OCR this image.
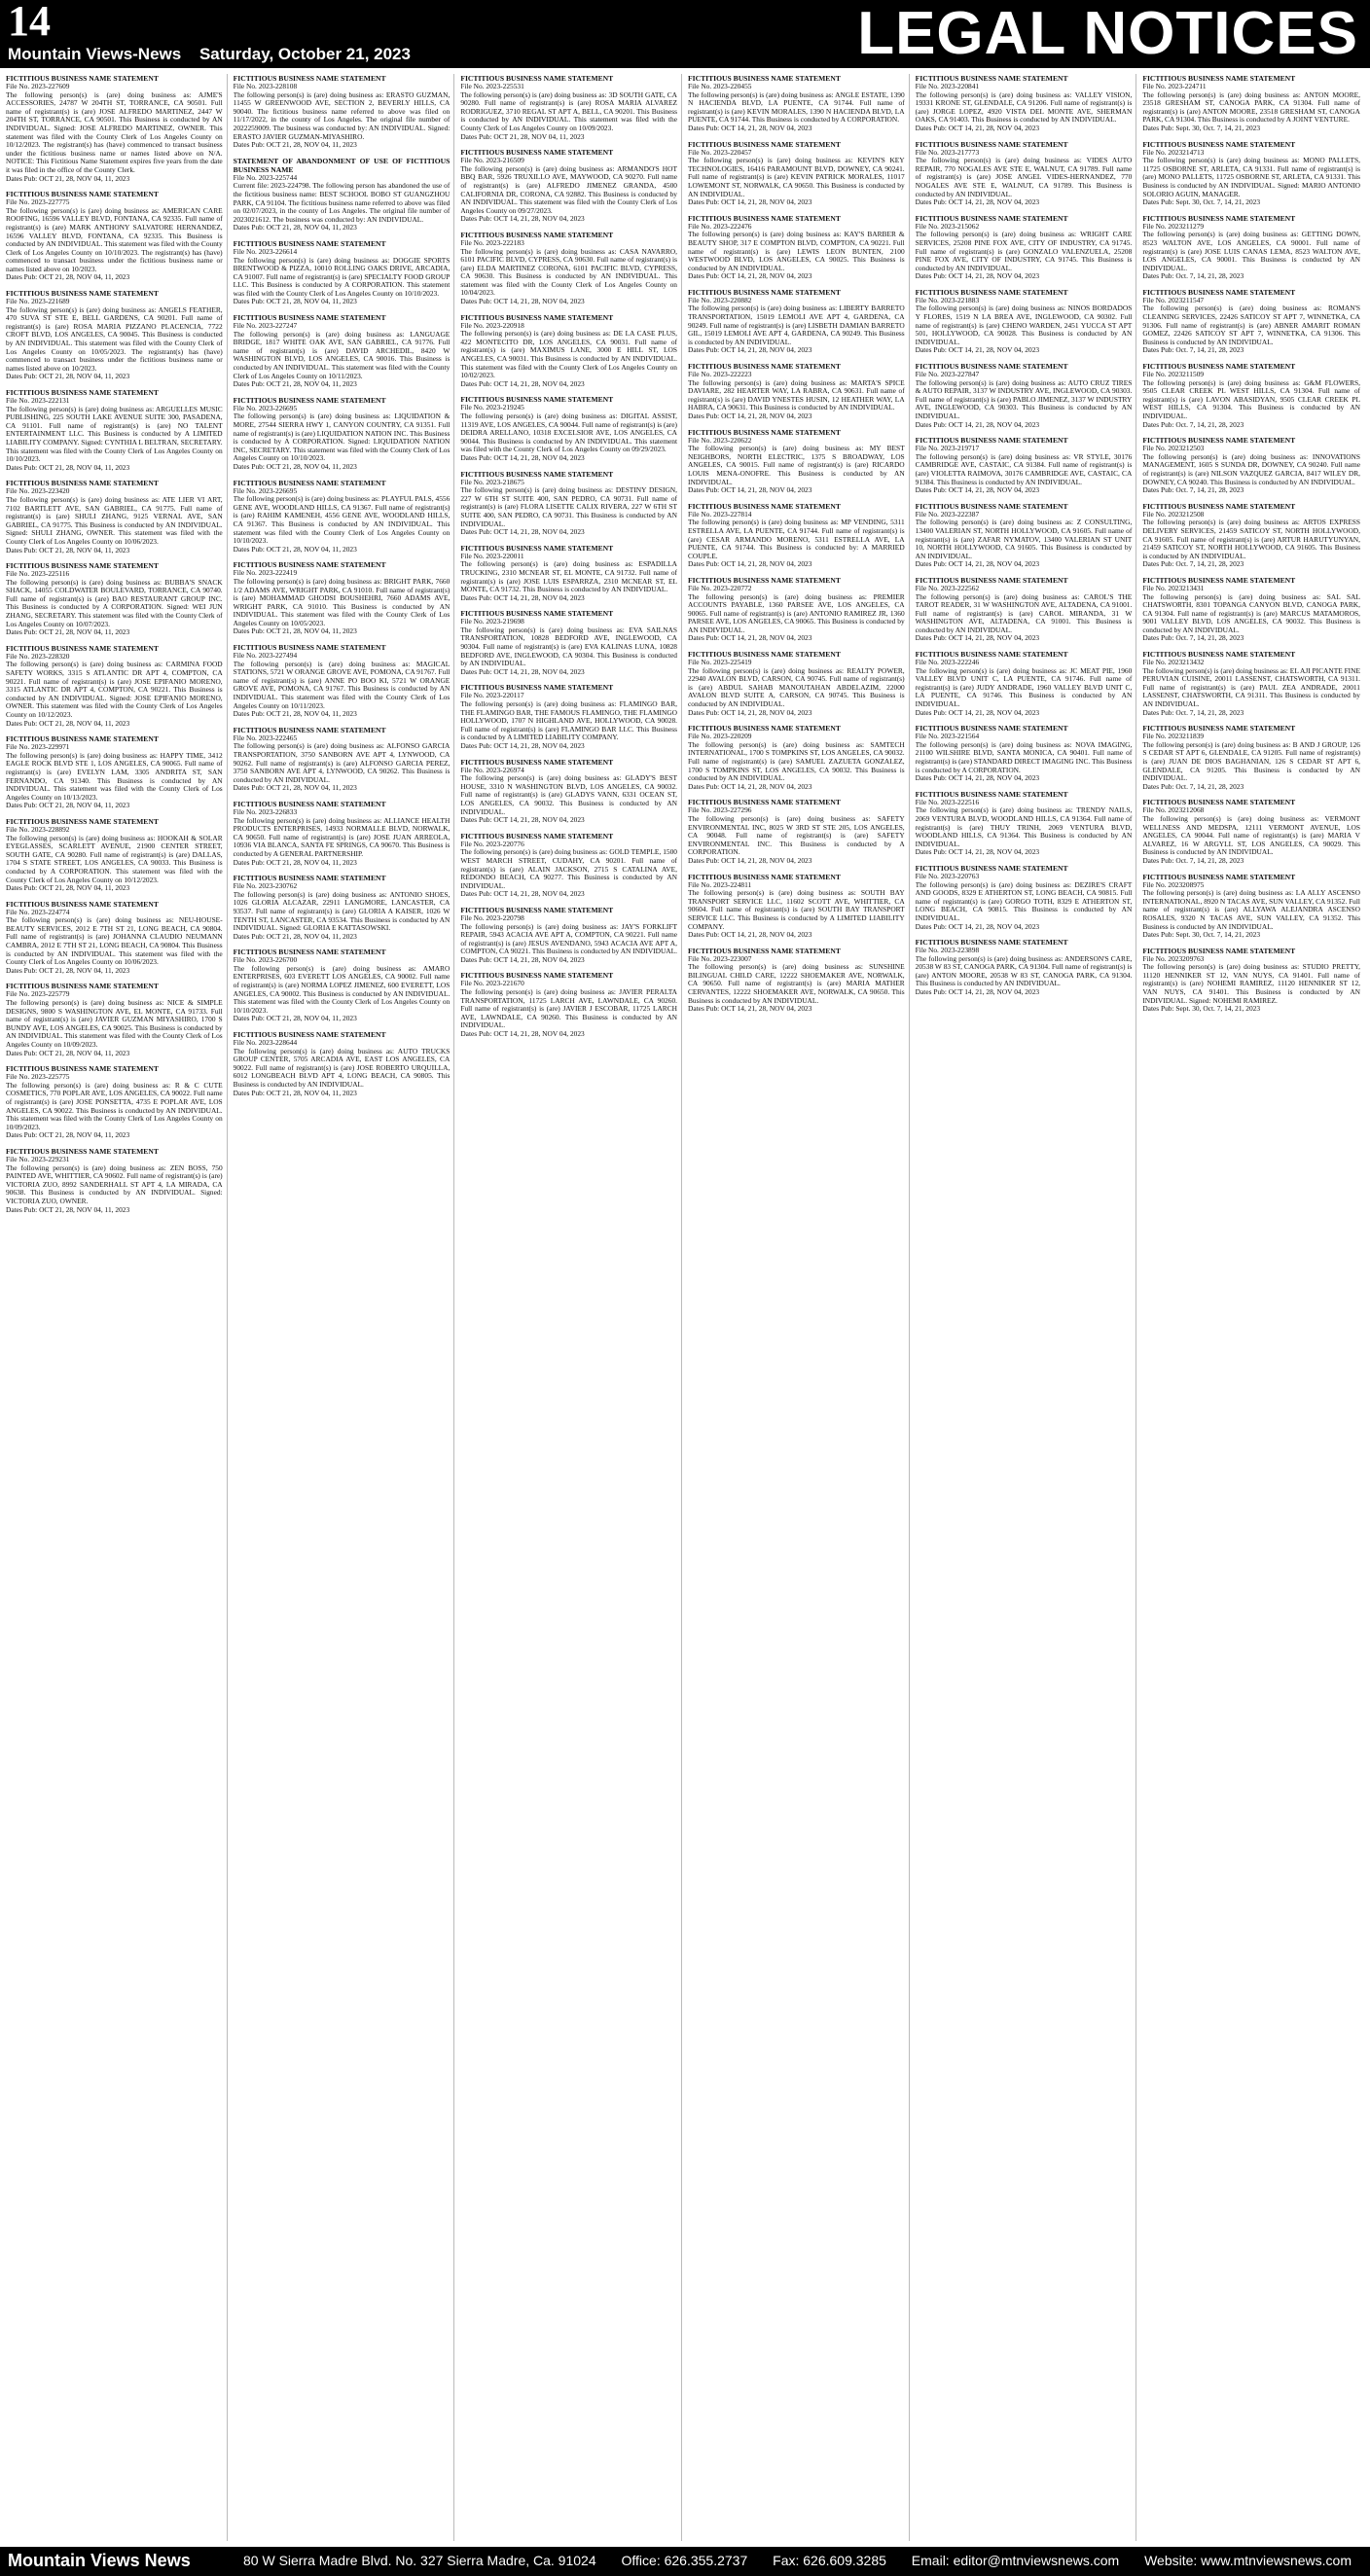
14
Mountain Views-News Saturday, October 21, 2023	LEGAL NOTICES
FICTITIOUS BUSINESS NAME STATEMENT
File No. 2023-227609
The following person(s) is (are) doing business as: AJME'S ACCESSORIES, 24787 W 204TH ST, TORRANCE, CA 90501. Full name of registrant(s) is (are) JOSE ALFREDO MARTINEZ, 2447 W 204TH ST, TORRANCE, CA 90501. This Business is conducted by AN INDIVIDUAL. Signed: JOSE ALFREDO MARTINEZ, OWNER. This statement was filed with the County Clerk of Los Angeles County on 10/12/2023. The registrant(s) has (have) commenced to transact business under the fictitious business name or names listed above on N/A. NOTICE: This Fictitious Name Statement expires five years from the date it was filed in the office of the County Clerk.
Dates Pub: OCT 21, 28, NOV 04, 11, 2023
FICTITIOUS BUSINESS NAME STATEMENT
File No. 2023-227775
The following person(s) is (are) doing business as: AMERICAN CARE ROOFING, 16596 VALLEY BLVD, FONTANA, CA 92335. Full name of registrant(s) is (are) MARK ANTHONY SALVATORE HERNANDEZ, 16596 VALLEY BLVD, FONTANA, CA 92335. This Business is conducted by AN INDIVIDUAL. This statement was filed with the County Clerk of Los Angeles County on 10/10/2023. The registrant(s) has (have) commenced to transact business under the fictitious business name or names listed above on 10/2023.
Dates Pub: OCT 21, 28, NOV 04, 11, 2023
FICTITIOUS BUSINESS NAME STATEMENT
File No. 2023-221689
The following person(s) is (are) doing business as: ANGELS FEATHER, 470 SUVA ST STE E, BELL GARDENS, CA 90201. Full name of registrant(s) is (are) ROSA MARIA PIZZANO PLACENCIA, 7722 CROFT BLVD, LOS ANGELES, CA 90045. This Business is conducted by AN INDIVIDUAL. This statement was filed with the County Clerk of Los Angeles County on 10/05/2023. The registrant(s) has (have) commenced to transact business under the fictitious business name or names listed above on 10/2023.
Dates Pub: OCT 21, 28, NOV 04, 11, 2023
FICTITIOUS BUSINESS NAME STATEMENT
File No. 2023-222131
The following person(s) is (are) doing business as: ARGUELLES MUSIC PUBLISHING, 225 SOUTH LAKE AVENUE SUITE 300, PASADENA, CA 91101. Full name of registrant(s) is (are) NO TALENT ENTERTAINMENT LLC. This Business is conducted by A LIMITED LIABILITY COMPANY. Signed: CYNTHIA L BELTRAN, SECRETARY. This statement was filed with the County Clerk of Los Angeles County on 10/10/2023.
Dates Pub: OCT 21, 28, NOV 04, 11, 2023
FICTITIOUS BUSINESS NAME STATEMENT
File No. 2023-223420
The following person(s) is (are) doing business as: ATE LIER VI ART, 7102 BARTLETT AVE, SAN GABRIEL, CA 91775. Full name of registrant(s) is (are) SHULI ZHANG, 9125 VERNAL AVE, SAN GABRIEL, CA 91775. This Business is conducted by AN INDIVIDUAL. Signed: SHULI ZHANG, OWNER. This statement was filed with the County Clerk of Los Angeles County on 10/06/2023.
Dates Pub: OCT 21, 28, NOV 04, 11, 2023
FICTITIOUS BUSINESS NAME STATEMENT
File No. 2023-225116
The following person(s) is (are) doing business as: BUBBA'S SNACK SHACK, 14055 COLDWATER BOULEVARD, TORRANCE, CA 90740. Full name of registrant(s) is (are) BAO RESTAURANT GROUP INC. This Business is conducted by A CORPORATION. Signed: WEI JUN ZHANG, SECRETARY. This statement was filed with the County Clerk of Los Angeles County on 10/07/2023.
Dates Pub: OCT 21, 28, NOV 04, 11, 2023
FICTITIOUS BUSINESS NAME STATEMENT
File No. 2023-228320
The following person(s) is (are) doing business as: CARMINA FOOD SAFETY WORKS, 3315 S ATLANTIC DR APT 4, COMPTON, CA 90221. Full name of registrant(s) is (are) JOSE EPIFANIO MORENO, 3315 ATLANTIC DR APT 4, COMPTON, CA 90221. This Business is conducted by AN INDIVIDUAL. Signed: JOSE EPIFANIO MORENO, OWNER. This statement was filed with the County Clerk of Los Angeles County on 10/12/2023.
Dates Pub: OCT 21, 28, NOV 04, 11, 2023
FICTITIOUS BUSINESS NAME STATEMENT
File No. 2023-229971
The following person(s) is (are) doing business as: HAPPY TIME, 3412 EAGLE ROCK BLVD STE 1, LOS ANGELES, CA 90065. Full name of registrant(s) is (are) EVELYN LAM, 3305 ANDRITA ST, SAN FERNANDO, CA 91340. This Business is conducted by AN INDIVIDUAL. This statement was filed with the County Clerk of Los Angeles County on 10/13/2023.
Dates Pub: OCT 21, 28, NOV 04, 11, 2023
FICTITIOUS BUSINESS NAME STATEMENT
File No. 2023-228892
The following person(s) is (are) doing business as: HOOKAH & SOLAR EYEGLASSES, SCARLETT AVENUE, 21900 CENTER STREET, SOUTH GATE, CA 90280. Full name of registrant(s) is (are) DALLAS, 1704 S STATE STREET, LOS ANGELES, CA 90033. This Business is conducted by A CORPORATION. This statement was filed with the County Clerk of Los Angeles County on 10/12/2023.
Dates Pub: OCT 21, 28, NOV 04, 11, 2023
FICTITIOUS BUSINESS NAME STATEMENT
File No. 2023-224774
The following person(s) is (are) doing business as: NEU-HOUSE-BEAUTY SERVICES, 2012 E 7TH ST 21, LONG BEACH, CA 90804. Full name of registrant(s) is (are) JOHANNA CLAUDIO NEUMANN CAMBRA, 2012 E 7TH ST 21, LONG BEACH, CA 90804. This Business is conducted by AN INDIVIDUAL. This statement was filed with the County Clerk of Los Angeles County on 10/06/2023.
Dates Pub: OCT 21, 28, NOV 04, 11, 2023
FICTITIOUS BUSINESS NAME STATEMENT
File No. 2023-225779
The following person(s) is (are) doing business as: NICE & SIMPLE DESIGNS, 9800 S WASHINGTON AVE, EL MONTE, CA 91733. Full name of registrant(s) is (are) JAVIER GUZMAN MIYASHIRO, 1700 S BUNDY AVE, LOS ANGELES, CA 90025. This Business is conducted by AN INDIVIDUAL. This statement was filed with the County Clerk of Los Angeles County on 10/09/2023.
Dates Pub: OCT 21, 28, NOV 04, 11, 2023
FICTITIOUS BUSINESS NAME STATEMENT
File No. 2023-225775
The following person(s) is (are) doing business as: R & C CUTE COSMETICS, 770 POPLAR AVE, LOS ANGELES, CA 90022. Full name of registrant(s) is (are) JOSE PONSETTA, 4735 E POPLAR AVE, LOS ANGELES, CA 90022. This Business is conducted by AN INDIVIDUAL. This statement was filed with the County Clerk of Los Angeles County on 10/09/2023.
Dates Pub: OCT 21, 28, NOV 04, 11, 2023
FICTITIOUS BUSINESS NAME STATEMENT
File No. 2023-229231
The following person(s) is (are) doing business as: ZEN BOSS, 750 PAINTED AVE, WHITTIER, CA 90602. Full name of registrant(s) is (are) VICTORIA ZUO, 8992 SANDERHALL ST APT 4, LA MIRADA, CA 90638. This Business is conducted by AN INDIVIDUAL. Signed: VICTORIA ZUO, OWNER.
Dates Pub: OCT 21, 28, NOV 04, 11, 2023
FICTITIOUS BUSINESS NAME STATEMENT
File No. 2023-228108
The following person(s) is (are) doing business as: ERASTO GUZMAN, 11455 W GREENWOOD AVE, SECTION 2, BEVERLY HILLS, CA 90040. The fictitious business name referred to above was filed on 11/17/2022, in the county of Los Angeles. The original file number of 2022259009. The business was conducted by: AN INDIVIDUAL. Signed: ERASTO JAVIER GUZMAN-MIYASHIRO.
Dates Pub: OCT 21, 28, NOV 04, 11, 2023
STATEMENT OF ABANDONMENT OF USE OF FICTITIOUS BUSINESS NAME
File No. 2023-225744
Current file: 2023-224798. The following person has abandoned the use of the fictitious business name: BEST SCHOOL BOBO ST GUANGZHOU PARK, CA 91104. The fictitious business name referred to above was filed on 02/07/2023, in the county of Los Angeles. The original file number of 2023021612. The business was conducted by: AN INDIVIDUAL.
Dates Pub: OCT 21, 28, NOV 04, 11, 2023
FICTITIOUS BUSINESS NAME STATEMENT
File No. 2023-226614
The following person(s) is (are) doing business as: DOGGIE SPORTS BRENTWOOD & PIZZA, 10010 ROLLING OAKS DRIVE, ARCADIA, CA 91007. Full name of registrant(s) is (are) SPECIALTY FOOD GROUP LLC. This Business is conducted by A CORPORATION. This statement was filed with the County Clerk of Los Angeles County on 10/10/2023.
Dates Pub: OCT 21, 28, NOV 04, 11, 2023
FICTITIOUS BUSINESS NAME STATEMENT
File No. 2023-227247
The following person(s) is (are) doing business as: LANGUAGE BRIDGE, 1817 WHITE OAK AVE, SAN GABRIEL, CA 91776. Full name of registrant(s) is (are) DAVID ARCHEDIL, 8420 W WASHINGTON BLVD, LOS ANGELES, CA 90016. This Business is conducted by AN INDIVIDUAL. This statement was filed with the County Clerk of Los Angeles County on 10/11/2023.
Dates Pub: OCT 21, 28, NOV 04, 11, 2023
FICTITIOUS BUSINESS NAME STATEMENT
File No. 2023-226695
The following person(s) is (are) doing business as: LIQUIDATION & MORE, 27544 SIERRA HWY 1, CANYON COUNTRY, CA 91351. Full name of registrant(s) is (are) LIQUIDATION NATION INC. This Business is conducted by A CORPORATION. Signed: LIQUIDATION NATION INC, SECRETARY. This statement was filed with the County Clerk of Los Angeles County on 10/10/2023.
Dates Pub: OCT 21, 28, NOV 04, 11, 2023
FICTITIOUS BUSINESS NAME STATEMENT
File No. 2023-226695
The following person(s) is (are) doing business as: PLAYFUL PALS, 4556 GENE AVE, WOODLAND HILLS, CA 91367. Full name of registrant(s) is (are) RAHIM KAMENEH, 4556 GENE AVE, WOODLAND HILLS, CA 91367. This Business is conducted by AN INDIVIDUAL. This statement was filed with the County Clerk of Los Angeles County on 10/10/2023.
Dates Pub: OCT 21, 28, NOV 04, 11, 2023
FICTITIOUS BUSINESS NAME STATEMENT
File No. 2023-222419
The following person(s) is (are) doing business as: BRIGHT PARK, 7660 1/2 ADAMS AVE, WRIGHT PARK, CA 91010. Full name of registrant(s) is (are) MOHAMMAD GHODSI BOUSHEHRI, 7660 ADAMS AVE, WRIGHT PARK, CA 91010. This Business is conducted by AN INDIVIDUAL. This statement was filed with the County Clerk of Los Angeles County on 10/05/2023.
Dates Pub: OCT 21, 28, NOV 04, 11, 2023
FICTITIOUS BUSINESS NAME STATEMENT
File No. 2023-227494
The following person(s) is (are) doing business as: MAGICAL STATIONS, 5721 W ORANGE GROVE AVE, POMONA, CA 91767. Full name of registrant(s) is (are) ANNE PO BOO KI, 5721 W ORANGE GROVE AVE, POMONA, CA 91767. This Business is conducted by AN INDIVIDUAL. This statement was filed with the County Clerk of Los Angeles County on 10/11/2023.
Dates Pub: OCT 21, 28, NOV 04, 11, 2023
FICTITIOUS BUSINESS NAME STATEMENT
File No. 2023-222465
The following person(s) is (are) doing business as: ALFONSO GARCIA TRANSPORTATION, 3750 SANBORN AVE APT 4, LYNWOOD, CA 90262. Full name of registrant(s) is (are) ALFONSO GARCIA PEREZ, 3750 SANBORN AVE APT 4, LYNWOOD, CA 90262. This Business is conducted by AN INDIVIDUAL.
Dates Pub: OCT 21, 28, NOV 04, 11, 2023
FICTITIOUS BUSINESS NAME STATEMENT
File No. 2023-226833
The following person(s) is (are) doing business as: ALLIANCE HEALTH PRODUCTS ENTERPRISES, 14933 NORMALLE BLVD, NORWALK, CA 90650. Full name of registrant(s) is (are) JOSE JUAN ARREOLA, 10936 VIA BLANCA, SANTA FE SPRINGS, CA 90670. This Business is conducted by A GENERAL PARTNERSHIP.
Dates Pub: OCT 21, 28, NOV 04, 11, 2023
FICTITIOUS BUSINESS NAME STATEMENT
File No. 2023-230762
The following person(s) is (are) doing business as: ANTONIO SHOES, 1026 GLORIA ALCAZAR, 22911 LANGMORE, LANCASTER, CA 93537. Full name of registrant(s) is (are) GLORIA A KAISER, 1026 W TENTH ST, LANCASTER, CA 93534. This Business is conducted by AN INDIVIDUAL. Signed: GLORIA E KATTASOWSKI.
Dates Pub: OCT 21, 28, NOV 04, 11, 2023
FICTITIOUS BUSINESS NAME STATEMENT
File No. 2023-226700
The following person(s) is (are) doing business as: AMARO ENTERPRISES, 603 EVERETT LOS ANGELES, CA 90002. Full name of registrant(s) is (are) NORMA LOPEZ JIMENEZ, 600 EVERETT, LOS ANGELES, CA 90002. This Business is conducted by AN INDIVIDUAL. This statement was filed with the County Clerk of Los Angeles County on 10/10/2023.
Dates Pub: OCT 21, 28, NOV 04, 11, 2023
FICTITIOUS BUSINESS NAME STATEMENT
File No. 2023-228644
The following person(s) is (are) doing business as: AUTO TRUCKS GROUP CENTER, 5705 ARCADIA AVE, EAST LOS ANGELES, CA 90022. Full name of registrant(s) is (are) JOSE ROBERTO URQUILLA, 6012 LONGBEACH BLVD APT 4, LONG BEACH, CA 90805. This Business is conducted by AN INDIVIDUAL.
Dates Pub: OCT 21, 28, NOV 04, 11, 2023
FICTITIOUS BUSINESS NAME STATEMENT
File No. 2023-225531
The following person(s) is (are) doing business as: 3D SOUTH GATE, CA 90280. Full name of registrant(s) is (are) ROSA MARIA ALVAREZ RODRIGUEZ, 3710 REGAL ST APT A, BELL, CA 90201. This Business is conducted by AN INDIVIDUAL. This statement was filed with the County Clerk of Los Angeles County on 10/09/2023.
Dates Pub: OCT 21, 28, NOV 04, 11, 2023
FICTITIOUS BUSINESS NAME STATEMENT
File No. 2023-216509
The following person(s) is (are) doing business as: ARMANDO'S HOT BBQ BAR, 5926 TRUXILLO AVE, MAYWOOD, CA 90270. Full name of registrant(s) is (are) ALFREDO JIMENEZ GRANDA, 4500 CALIFORNIA DR, CORONA, CA 92882. This Business is conducted by AN INDIVIDUAL. This statement was filed with the County Clerk of Los Angeles County on 09/27/2023.
Dates Pub: OCT 14, 21, 28, NOV 04, 2023
FICTITIOUS BUSINESS NAME STATEMENT
File No. 2023-222183
The following person(s) is (are) doing business as: CASA NAVARRO, 6101 PACIFIC BLVD, CYPRESS, CA 90630. Full name of registrant(s) is (are) ELDA MARTINEZ CORONA, 6101 PACIFIC BLVD, CYPRESS, CA 90630. This Business is conducted by AN INDIVIDUAL. This statement was filed with the County Clerk of Los Angeles County on 10/04/2023.
Dates Pub: OCT 14, 21, 28, NOV 04, 2023
FICTITIOUS BUSINESS NAME STATEMENT
File No. 2023-220918
The following person(s) is (are) doing business as: DE LA CASE PLUS, 422 MONTECITO DR, LOS ANGELES, CA 90031. Full name of registrant(s) is (are) MAXIMUS LANE, 3000 E HILL ST, LOS ANGELES, CA 90031. This Business is conducted by AN INDIVIDUAL. This statement was filed with the County Clerk of Los Angeles County on 10/02/2023.
Dates Pub: OCT 14, 21, 28, NOV 04, 2023
FICTITIOUS BUSINESS NAME STATEMENT
File No. 2023-219245
The following person(s) is (are) doing business as: DIGITAL ASSIST, 11319 AVE, LOS ANGELES, CA 90044. Full name of registrant(s) is (are) DEIDRA ARELLANO, 10318 EXCELSIOR AVE, LOS ANGELES, CA 90044. This Business is conducted by AN INDIVIDUAL. This statement was filed with the County Clerk of Los Angeles County on 09/29/2023.
Dates Pub: OCT 14, 21, 28, NOV 04, 2023
FICTITIOUS BUSINESS NAME STATEMENT
File No. 2023-218675
The following person(s) is (are) doing business as: DESTINY DESIGN, 227 W 6TH ST SUITE 400, SAN PEDRO, CA 90731. Full name of registrant(s) is (are) FLORA LISETTE CALIX RIVERA, 227 W 6TH ST SUITE 400, SAN PEDRO, CA 90731. This Business is conducted by AN INDIVIDUAL.
Dates Pub: OCT 14, 21, 28, NOV 04, 2023
FICTITIOUS BUSINESS NAME STATEMENT
File No. 2023-220011
The following person(s) is (are) doing business as: ESPADILLA TRUCKING, 2310 MCNEAR ST, EL MONTE, CA 91732. Full name of registrant(s) is (are) JOSE LUIS ESPARRZA, 2310 MCNEAR ST, EL MONTE, CA 91732. This Business is conducted by AN INDIVIDUAL.
Dates Pub: OCT 14, 21, 28, NOV 04, 2023
FICTITIOUS BUSINESS NAME STATEMENT
File No. 2023-219698
The following person(s) is (are) doing business as: EVA SAILNAS TRANSPORTATION, 10828 BEDFORD AVE, INGLEWOOD, CA 90304. Full name of registrant(s) is (are) EVA KALINAS LUNA, 10828 BEDFORD AVE, INGLEWOOD, CA 90304. This Business is conducted by AN INDIVIDUAL.
Dates Pub: OCT 14, 21, 28, NOV 04, 2023
FICTITIOUS BUSINESS NAME STATEMENT
File No. 2023-220117
The following person(s) is (are) doing business as: FLAMINGO BAR, THE FLAMINGO BAR, THE FAMOUS FLAMINGO, THE FLAMINGO HOLLYWOOD, 1707 N HIGHLAND AVE, HOLLYWOOD, CA 90028. Full name of registrant(s) is (are) FLAMINGO BAR LLC. This Business is conducted by A LIMITED LIABILITY COMPANY.
Dates Pub: OCT 14, 21, 28, NOV 04, 2023
FICTITIOUS BUSINESS NAME STATEMENT
File No. 2023-226974
The following person(s) is (are) doing business as: GLADY'S BEST HOUSE, 3310 N WASHINGTON BLVD, LOS ANGELES, CA 90032. Full name of registrant(s) is (are) GLADYS VANN, 6331 OCEAN ST, LOS ANGELES, CA 90032. This Business is conducted by AN INDIVIDUAL.
Dates Pub: OCT 14, 21, 28, NOV 04, 2023
FICTITIOUS BUSINESS NAME STATEMENT
File No. 2023-220776
The following person(s) is (are) doing business as: GOLD TEMPLE, 1500 WEST MARCH STREET, CUDAHY, CA 90201. Full name of registrant(s) is (are) ALAIN JACKSON, 2715 S CATALINA AVE, REDONDO BEACH, CA 90277. This Business is conducted by AN INDIVIDUAL.
Dates Pub: OCT 14, 21, 28, NOV 04, 2023
FICTITIOUS BUSINESS NAME STATEMENT
File No. 2023-220798
The following person(s) is (are) doing business as: JAY'S FORKLIFT REPAIR, 5943 ACACIA AVE APT A, COMPTON, CA 90221. Full name of registrant(s) is (are) JESUS AVENDANO, 5943 ACACIA AVE APT A, COMPTON, CA 90221. This Business is conducted by AN INDIVIDUAL.
Dates Pub: OCT 14, 21, 28, NOV 04, 2023
FICTITIOUS BUSINESS NAME STATEMENT
File No. 2023-221670
The following person(s) is (are) doing business as: JAVIER PERALTA TRANSPORTATION, 11725 LARCH AVE, LAWNDALE, CA 90260. Full name of registrant(s) is (are) JAVIER J ESCOBAR, 11725 LARCH AVE, LAWNDALE, CA 90260. This Business is conducted by AN INDIVIDUAL.
Dates Pub: OCT 14, 21, 28, NOV 04, 2023
FICTITIOUS BUSINESS NAME STATEMENT
File No. 2023-220455
The following person(s) is (are) doing business as: ANGLE ESTATE, 1390 N HACIENDA BLVD, LA PUENTE, CA 91744. Full name of registrant(s) is (are) KEVIN MORALES, 1390 N HACIENDA BLVD, LA PUENTE, CA 91744. This Business is conducted by A CORPORATION.
Dates Pub: OCT 14, 21, 28, NOV 04, 2023
FICTITIOUS BUSINESS NAME STATEMENT
File No. 2023-220457
The following person(s) is (are) doing business as: KEVIN'S KEY TECHNOLOGIES, 16416 PARAMOUNT BLVD, DOWNEY, CA 90241. Full name of registrant(s) is (are) KEVIN PATRICK MORALES, 11017 LOWEMONT ST, NORWALK, CA 90650. This Business is conducted by AN INDIVIDUAL.
Dates Pub: OCT 14, 21, 28, NOV 04, 2023
FICTITIOUS BUSINESS NAME STATEMENT
File No. 2023-222476
The following person(s) is (are) doing business as: KAY'S BARBER & BEAUTY SHOP, 317 E COMPTON BLVD, COMPTON, CA 90221. Full name of registrant(s) is (are) LEWIS LEON BUNTEN, 2100 WESTWOOD BLVD, LOS ANGELES, CA 90025. This Business is conducted by AN INDIVIDUAL.
Dates Pub: OCT 14, 21, 28, NOV 04, 2023
FICTITIOUS BUSINESS NAME STATEMENT
File No. 2023-220882
The following person(s) is (are) doing business as: LIBERTY BARRETO TRANSPORTATION, 15019 LEMOLI AVE APT 4, GARDENA, CA 90249. Full name of registrant(s) is (are) LISBETH DAMIAN BARRETO GIL, 15019 LEMOLI AVE APT 4, GARDENA, CA 90249. This Business is conducted by AN INDIVIDUAL.
Dates Pub: OCT 14, 21, 28, NOV 04, 2023
FICTITIOUS BUSINESS NAME STATEMENT
File No. 2023-222223
The following person(s) is (are) doing business as: MARTA'S SPICE DAVIARE, 282 HEARTER WAY, LA RABRA, CA 90631. Full name of registrant(s) is (are) DAVID YNESTES HUSIN, 12 HEATHER WAY, LA HABRA, CA 90631. This Business is conducted by AN INDIVIDUAL.
Dates Pub: OCT 14, 21, 28, NOV 04, 2023
FICTITIOUS BUSINESS NAME STATEMENT
File No. 2023-220622
The following person(s) is (are) doing business as: MY BEST NEIGHBORS, NORTH ELECTRIC, 1375 S BROADWAY, LOS ANGELES, CA 90015. Full name of registrant(s) is (are) RICARDO LOUIS MENA-ONOFRE. This Business is conducted by AN INDIVIDUAL.
Dates Pub: OCT 14, 21, 28, NOV 04, 2023
FICTITIOUS BUSINESS NAME STATEMENT
File No. 2023-227814
The following person(s) is (are) doing business as: MP VENDING, 5311 ESTRELLA AVE, LA PUENTE, CA 91744. Full name of registrant(s) is (are) CESAR ARMANDO MORENO, 5311 ESTRELLA AVE, LA PUENTE, CA 91744. This Business is conducted by: A MARRIED COUPLE.
Dates Pub: OCT 14, 21, 28, NOV 04, 2023
FICTITIOUS BUSINESS NAME STATEMENT
File No. 2023-220772
The following person(s) is (are) doing business as: PREMIER ACCOUNTS PAYABLE, 1360 PARSEE AVE, LOS ANGELES, CA 90065. Full name of registrant(s) is (are) ANTONIO RAMIREZ JR, 1360 PARSEE AVE, LOS ANGELES, CA 90065. This Business is conducted by AN INDIVIDUAL.
Dates Pub: OCT 14, 21, 28, NOV 04, 2023
FICTITIOUS BUSINESS NAME STATEMENT
File No. 2023-225419
The following person(s) is (are) doing business as: REALTY POWER, 22940 AVALON BLVD, CARSON, CA 90745. Full name of registrant(s) is (are) ABDUL SAHAB MANOUTAHAN ABDELAZIM, 22000 AVALON BLVD SUITE A, CARSON, CA 90745. This Business is conducted by AN INDIVIDUAL.
Dates Pub: OCT 14, 21, 28, NOV 04, 2023
FICTITIOUS BUSINESS NAME STATEMENT
File No. 2023-220209
The following person(s) is (are) doing business as: SAMTECH INTERNATIONAL, 1700 S TOMPKINS ST, LOS ANGELES, CA 90032. Full name of registrant(s) is (are) SAMUEL ZAZUETA GONZALEZ, 1700 S TOMPKINS ST, LOS ANGELES, CA 90032. This Business is conducted by AN INDIVIDUAL.
Dates Pub: OCT 14, 21, 28, NOV 04, 2023
FICTITIOUS BUSINESS NAME STATEMENT
File No. 2023-227296
The following person(s) is (are) doing business as: SAFETY ENVIRONMENTAL INC, 8025 W 3RD ST STE 205, LOS ANGELES, CA 90048. Full name of registrant(s) is (are) SAFETY ENVIRONMENTAL INC. This Business is conducted by A CORPORATION.
Dates Pub: OCT 14, 21, 28, NOV 04, 2023
FICTITIOUS BUSINESS NAME STATEMENT
File No. 2023-224811
The following person(s) is (are) doing business as: SOUTH BAY TRANSPORT SERVICE LLC, 11602 SCOTT AVE, WHITTIER, CA 90604. Full name of registrant(s) is (are) SOUTH BAY TRANSPORT SERVICE LLC. This Business is conducted by A LIMITED LIABILITY COMPANY.
Dates Pub: OCT 14, 21, 28, NOV 04, 2023
FICTITIOUS BUSINESS NAME STATEMENT
File No. 2023-223007
The following person(s) is (are) doing business as: SUNSHINE BILINGUAL CHILD CARE, 12222 SHOEMAKER AVE, NORWALK, CA 90650. Full name of registrant(s) is (are) MARIA MATHER CERVANTES, 12222 SHOEMAKER AVE, NORWALK, CA 90650. This Business is conducted by AN INDIVIDUAL.
Dates Pub: OCT 14, 21, 28, NOV 04, 2023
FICTITIOUS BUSINESS NAME STATEMENT
File No. 2023-220841
The following person(s) is (are) doing business as: VALLEY VISION, 19331 KRONE ST, GLENDALE, CA 91206. Full name of registrant(s) is (are) JORGE LOPEZ, 4920 VISTA DEL MONTE AVE, SHERMAN OAKS, CA 91403. This Business is conducted by AN INDIVIDUAL.
Dates Pub: OCT 14, 21, 28, NOV 04, 2023
FICTITIOUS BUSINESS NAME STATEMENT
File No. 2023-217773
The following person(s) is (are) doing business as: VIDES AUTO REPAIR, 770 NOGALES AVE STE E, WALNUT, CA 91789. Full name of registrant(s) is (are) JOSE ANGEL VIDES-HERNANDEZ, 770 NOGALES AVE STE E, WALNUT, CA 91789. This Business is conducted by AN INDIVIDUAL.
Dates Pub: OCT 14, 21, 28, NOV 04, 2023
FICTITIOUS BUSINESS NAME STATEMENT
File No. 2023-215062
The following person(s) is (are) doing business as: WRIGHT CARE SERVICES, 25208 PINE FOX AVE, CITY OF INDUSTRY, CA 91745. Full name of registrant(s) is (are) GONZALO VALENZUELA, 25208 PINE FOX AVE, CITY OF INDUSTRY, CA 91745. This Business is conducted by AN INDIVIDUAL.
Dates Pub: OCT 14, 21, 28, NOV 04, 2023
FICTITIOUS BUSINESS NAME STATEMENT
File No. 2023-221883
The following person(s) is (are) doing business as: NINOS BORDADOS Y FLORES, 1519 N LA BREA AVE, INGLEWOOD, CA 90302. Full name of registrant(s) is (are) CHENO WARDEN, 2451 YUCCA ST APT 501, HOLLYWOOD, CA 90028. This Business is conducted by AN INDIVIDUAL.
Dates Pub: OCT 14, 21, 28, NOV 04, 2023
FICTITIOUS BUSINESS NAME STATEMENT
File No. 2023-227847
The following person(s) is (are) doing business as: AUTO CRUZ TIRES & AUTO REPAIR, 3137 W INDUSTRY AVE, INGLEWOOD, CA 90303. Full name of registrant(s) is (are) PABLO JIMENEZ, 3137 W INDUSTRY AVE, INGLEWOOD, CA 90303. This Business is conducted by AN INDIVIDUAL.
Dates Pub: OCT 14, 21, 28, NOV 04, 2023
FICTITIOUS BUSINESS NAME STATEMENT
File No. 2023-219717
The following person(s) is (are) doing business as: VR STYLE, 30176 CAMBRIDGE AVE, CASTAIC, CA 91384. Full name of registrant(s) is (are) VIOLETTA RAIMOVA, 30176 CAMBRIDGE AVE, CASTAIC, CA 91384. This Business is conducted by AN INDIVIDUAL.
Dates Pub: OCT 14, 21, 28, NOV 04, 2023
FICTITIOUS BUSINESS NAME STATEMENT
File No. 2023-222387
The following person(s) is (are) doing business as: Z CONSULTING, 13400 VALERIAN ST, NORTH HOLLYWOOD, CA 91605. Full name of registrant(s) is (are) ZAFAR NYMATOV, 13400 VALERIAN ST UNIT 10, NORTH HOLLYWOOD, CA 91605. This Business is conducted by AN INDIVIDUAL.
Dates Pub: OCT 14, 21, 28, NOV 04, 2023
FICTITIOUS BUSINESS NAME STATEMENT
File No. 2023-222562
The following person(s) is (are) doing business as: CAROL'S THE TAROT READER, 31 W WASHINGTON AVE, ALTADENA, CA 91001. Full name of registrant(s) is (are) CAROL MIRANDA, 31 W WASHINGTON AVE, ALTADENA, CA 91001. This Business is conducted by AN INDIVIDUAL.
Dates Pub: OCT 14, 21, 28, NOV 04, 2023
FICTITIOUS BUSINESS NAME STATEMENT
File No. 2023-222246
The following person(s) is (are) doing business as: JC MEAT PIE, 1960 VALLEY BLVD UNIT C, LA PUENTE, CA 91746. Full name of registrant(s) is (are) JUDY ANDRADE, 1960 VALLEY BLVD UNIT C, LA PUENTE, CA 91746. This Business is conducted by AN INDIVIDUAL.
Dates Pub: OCT 14, 21, 28, NOV 04, 2023
FICTITIOUS BUSINESS NAME STATEMENT
File No. 2023-221564
The following person(s) is (are) doing business as: NOVA IMAGING, 21100 WILSHIRE BLVD, SANTA MONICA, CA 90401. Full name of registrant(s) is (are) STANDARD DIRECT IMAGING INC. This Business is conducted by A CORPORATION.
Dates Pub: OCT 14, 21, 28, NOV 04, 2023
FICTITIOUS BUSINESS NAME STATEMENT
File No. 2023-222516
The following person(s) is (are) doing business as: TRENDY NAILS, 2069 VENTURA BLVD, WOODLAND HILLS, CA 91364. Full name of registrant(s) is (are) THUY TRINH, 2069 VENTURA BLVD, WOODLAND HILLS, CA 91364. This Business is conducted by AN INDIVIDUAL.
Dates Pub: OCT 14, 21, 28, NOV 04, 2023
FICTITIOUS BUSINESS NAME STATEMENT
File No. 2023-220763
The following person(s) is (are) doing business as: DEZIRE'S CRAFT AND GOODS, 8329 E ATHERTON ST, LONG BEACH, CA 90815. Full name of registrant(s) is (are) GORGO TOTH, 8329 E ATHERTON ST, LONG BEACH, CA 90815. This Business is conducted by AN INDIVIDUAL.
Dates Pub: OCT 14, 21, 28, NOV 04, 2023
FICTITIOUS BUSINESS NAME STATEMENT
File No. 2023-223898
The following person(s) is (are) doing business as: ANDERSON'S CARE, 20538 W 83 ST, CANOGA PARK, CA 91304. Full name of registrant(s) is (are) ANTON MOORE, 20538 W 83 ST, CANOGA PARK, CA 91304. This Business is conducted by AN INDIVIDUAL.
Dates Pub: OCT 14, 21, 28, NOV 04, 2023
FICTITIOUS BUSINESS NAME STATEMENT
File No. 2023-224711
The following person(s) is (are) doing business as: ANTON MOORE, 23518 GRESHAM ST, CANOGA PARK, CA 91304. Full name of registrant(s) is (are) ANTON MOORE, 23518 GRESHAM ST, CANOGA PARK, CA 91304. This Business is conducted by A JOINT VENTURE.
Dates Pub: Sept. 30, Oct. 7, 14, 21, 2023
FICTITIOUS BUSINESS NAME STATEMENT
File No. 2023214713
The following person(s) is (are) doing business as: MONO PALLETS, 11725 OSBORNE ST, ARLETA, CA 91331. Full name of registrant(s) is (are) MONO PALLETS, 11725 OSBORNE ST, ARLETA, CA 91331. This Business is conducted by AN INDIVIDUAL. Signed: MARIO ANTONIO SOLORIO AGUIN, MANAGER.
Dates Pub: Sept. 30, Oct. 7, 14, 21, 2023
FICTITIOUS BUSINESS NAME STATEMENT
File No. 2023211279
The following person(s) is (are) doing business as: GETTING DOWN, 8523 WALTON AVE, LOS ANGELES, CA 90001. Full name of registrant(s) is (are) JOSE LUIS CANAS LEMA, 8523 WALTON AVE, LOS ANGELES, CA 90001. This Business is conducted by AN INDIVIDUAL.
Dates Pub: Oct. 7, 14, 21, 28, 2023
FICTITIOUS BUSINESS NAME STATEMENT
File No. 2023211547
The following person(s) is (are) doing business as: ROMAN'S CLEANING SERVICES, 22426 SATICOY ST APT 7, WINNETKA, CA 91306. Full name of registrant(s) is (are) ABNER AMARIT ROMAN GOMEZ, 22426 SATICOY ST APT 7, WINNETKA, CA 91306. This Business is conducted by AN INDIVIDUAL.
Dates Pub: Oct. 7, 14, 21, 28, 2023
FICTITIOUS BUSINESS NAME STATEMENT
File No. 2023211509
The following person(s) is (are) doing business as: G&M FLOWERS, 9505 CLEAR CREEK PL WEST HILLS, CA 91304. Full name of registrant(s) is (are) LAVON ABASIDYAN, 9505 CLEAR CREEK PL WEST HILLS, CA 91304. This Business is conducted by AN INDIVIDUAL.
Dates Pub: Oct. 7, 14, 21, 28, 2023
FICTITIOUS BUSINESS NAME STATEMENT
File No. 2023212503
The following person(s) is (are) doing business as: INNOVATIONS MANAGEMENT, 1605 S SUNDA DR, DOWNEY, CA 90240. Full name of registrant(s) is (are) NILSON VAZQUEZ GARCIA, 8417 WILEY DR, DOWNEY, CA 90240. This Business is conducted by AN INDIVIDUAL.
Dates Pub: Oct. 7, 14, 21, 28, 2023
FICTITIOUS BUSINESS NAME STATEMENT
File No. 2023212508
The following person(s) is (are) doing business as: ARTOS EXPRESS DELIVERY SERVICES, 21459 SATICOY ST, NORTH HOLLYWOOD, CA 91605. Full name of registrant(s) is (are) ARTUR HARUTYUNYAN, 21459 SATICOY ST, NORTH HOLLYWOOD, CA 91605. This Business is conducted by AN INDIVIDUAL.
Dates Pub: Oct. 7, 14, 21, 28, 2023
FICTITIOUS BUSINESS NAME STATEMENT
File No. 2023213431
The following person(s) is (are) doing business as: SAL SAL CHATSWORTH, 8301 TOPANGA CANYON BLVD, CANOGA PARK, CA 91304. Full name of registrant(s) is (are) MARCUS MATAMOROS, 9001 VALLEY BLVD, LOS ANGELES, CA 90032. This Business is conducted by AN INDIVIDUAL.
Dates Pub: Oct. 7, 14, 21, 28, 2023
FICTITIOUS BUSINESS NAME STATEMENT
File No. 2023213432
The following person(s) is (are) doing business as: EL AJI PICANTE FINE PERUVIAN CUISINE, 20011 LASSENST, CHATSWORTH, CA 91311. Full name of registrant(s) is (are) PAUL ZEA ANDRADE, 20011 LASSENST, CHATSWORTH, CA 91311. This Business is conducted by AN INDIVIDUAL.
Dates Pub: Oct. 7, 14, 21, 28, 2023
FICTITIOUS BUSINESS NAME STATEMENT
File No. 2023211839
The following person(s) is (are) doing business as: B AND J GROUP, 126 S CEDAR ST APT 6, GLENDALE, CA 91205. Full name of registrant(s) is (are) JUAN DE DIOS BAGHANIAN, 126 S CEDAR ST APT 6, GLENDALE, CA 91205. This Business is conducted by AN INDIVIDUAL.
Dates Pub: Oct. 7, 14, 21, 28, 2023
FICTITIOUS BUSINESS NAME STATEMENT
File No. 2023212068
The following person(s) is (are) doing business as: VERMONT WELLNESS AND MEDSPA, 12111 VERMONT AVENUE, LOS ANGELES, CA 90044. Full name of registrant(s) is (are) MARIA V ALVAREZ, 16 W ARGYLL ST, LOS ANGELES, CA 90029. This Business is conducted by AN INDIVIDUAL.
Dates Pub: Oct. 7, 14, 21, 28, 2023
FICTITIOUS BUSINESS NAME STATEMENT
File No. 2023208975
The following person(s) is (are) doing business as: LA ALLY ASCENSO INTERNATIONAL, 8920 N TACAS AVE, SUN VALLEY, CA 91352. Full name of registrant(s) is (are) ALLYAWA ALEJANDRA ASCENSO ROSALES, 9320 N TACAS AVE, SUN VALLEY, CA 91352. This Business is conducted by AN INDIVIDUAL.
Dates Pub: Sept. 30, Oct. 7, 14, 21, 2023
FICTITIOUS BUSINESS NAME STATEMENT
File No. 2023209763
The following person(s) is (are) doing business as: STUDIO PRETTY, 11120 HENNIKER ST 12, VAN NUYS, CA 91401. Full name of registrant(s) is (are) NOHEMI RAMIREZ, 11120 HENNIKER ST 12, VAN NUYS, CA 91401. This Business is conducted by AN INDIVIDUAL. Signed: NOHEMI RAMIREZ.
Dates Pub: Sept. 30, Oct. 7, 14, 21, 2023
Mountain Views News	80 W Sierra Madre Blvd. No. 327 Sierra Madre, Ca. 91024 Office: 626.355.2737 Fax: 626.609.3285 Email: editor@mtnviewsnews.com Website: www.mtnviewsnews.com
